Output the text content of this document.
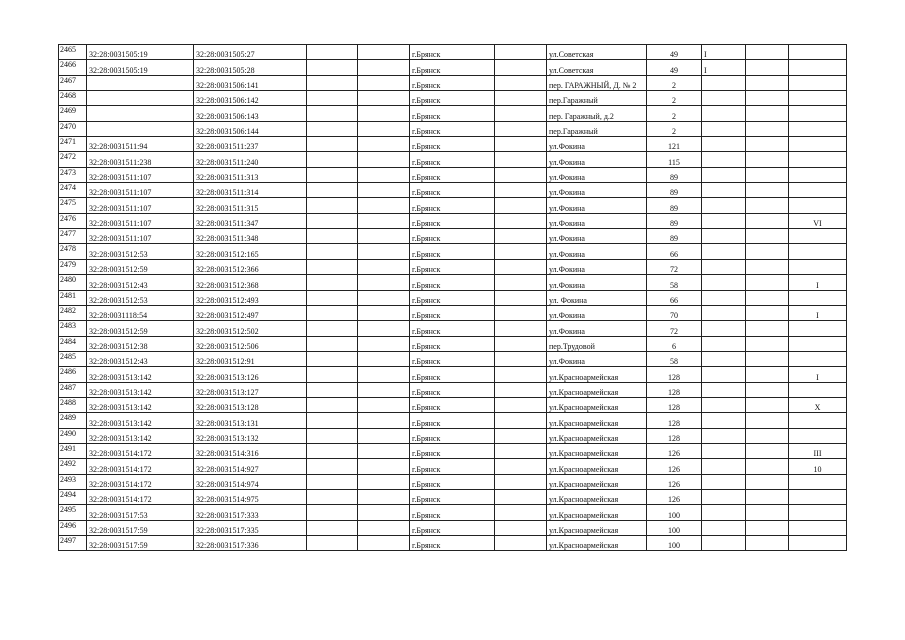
2465	32:28:0031505:19	32:28:0031505:27			г.Брянск		ул.Советская	49	I		
2466	32:28:0031505:19	32:28:0031505:28			г.Брянск		ул.Советская	49	I		
2467		32:28:0031506:141			г.Брянск		пер. ГАРАЖНЫЙ, Д. № 2	2			
2468		32:28:0031506:142			г.Брянск		пер.Гаражный	2			
2469		32:28:0031506:143			г.Брянск		пер. Гаражный, д.2	2			
2470		32:28:0031506:144			г.Брянск		пер.Гаражный	2			
2471	32:28:0031511:94	32:28:0031511:237			г.Брянск		ул.Фокина	121			
2472	32:28:0031511:238	32:28:0031511:240			г.Брянск		ул.Фокина	115			
2473	32:28:0031511:107	32:28:0031511:313			г.Брянск		ул.Фокина	89			
2474	32:28:0031511:107	32:28:0031511:314			г.Брянск		ул.Фокина	89			
2475	32:28:0031511:107	32:28:0031511:315			г.Брянск		ул.Фокина	89			
2476	32:28:0031511:107	32:28:0031511:347			г.Брянск		ул.Фокина	89			VI
2477	32:28:0031511:107	32:28:0031511:348			г.Брянск		ул.Фокина	89			
2478	32:28:0031512:53	32:28:0031512:165			г.Брянск		ул.Фокина	66			
2479	32:28:0031512:59	32:28:0031512:366			г.Брянск		ул.Фокина	72			
2480	32:28:0031512:43	32:28:0031512:368			г.Брянск		ул.Фокина	58			I
2481	32:28:0031512:53	32:28:0031512:493			г.Брянск		ул. Фокина	66			
2482	32:28:0031118:54	32:28:0031512:497			г.Брянск		ул.Фокина	70			I
2483	32:28:0031512:59	32:28:0031512:502			г.Брянск		ул.Фокина	72			
2484	32:28:0031512:38	32:28:0031512:506			г.Брянск		пер.Трудовой	6			
2485	32:28:0031512:43	32:28:0031512:91			г.Брянск		ул.Фокина	58			
2486	32:28:0031513:142	32:28:0031513:126			г.Брянск		ул.Красноармейская	128			I
2487	32:28:0031513:142	32:28:0031513:127			г.Брянск		ул.Красноармейская	128			
2488	32:28:0031513:142	32:28:0031513:128			г.Брянск		ул.Красноармейская	128			X
2489	32:28:0031513:142	32:28:0031513:131			г.Брянск		ул.Красноармейская	128			
2490	32:28:0031513:142	32:28:0031513:132			г.Брянск		ул.Красноармейская	128			
2491	32:28:0031514:172	32:28:0031514:316			г.Брянск		ул.Красноармейская	126			III
2492	32:28:0031514:172	32:28:0031514:927			г.Брянск		ул.Красноармейская	126			10
2493	32:28:0031514:172	32:28:0031514:974			г.Брянск		ул.Красноармейская	126			
2494	32:28:0031514:172	32:28:0031514:975			г.Брянск		ул.Красноармейская	126			
2495	32:28:0031517:53	32:28:0031517:333			г.Брянск		ул.Красноармейская	100			
2496	32:28:0031517:59	32:28:0031517:335			г.Брянск		ул.Красноармейская	100			
2497	32:28:0031517:59	32:28:0031517:336			г.Брянск		ул.Красноармейская	100			
